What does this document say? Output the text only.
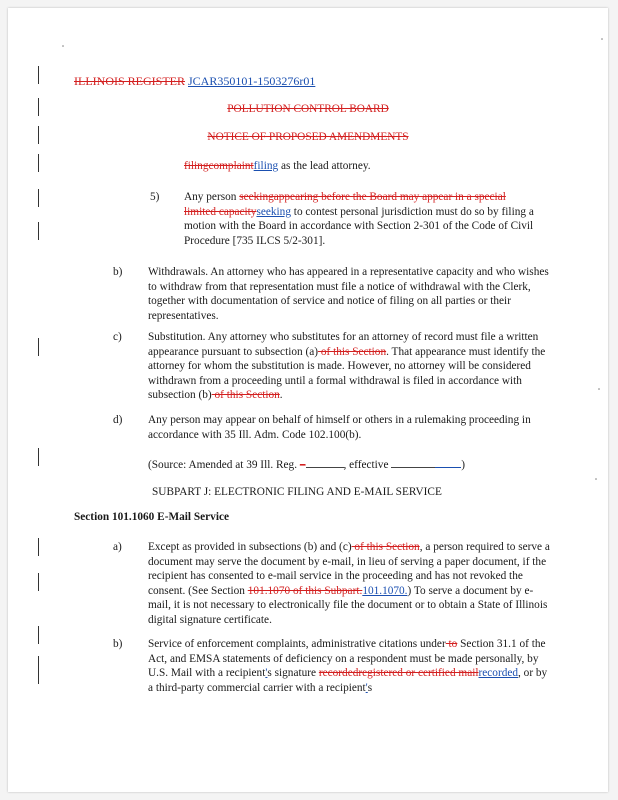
ILLINOIS REGISTER JCAR350101-1503276r01
POLLUTION CONTROL BOARD
NOTICE OF PROPOSED AMENDMENTS
filingcomplaintfiling as the lead attorney.
5) Any person seekingappearing before the Board may appear in a special limited capacityseeking to contest personal jurisdiction must do so by filing a motion with the Board in accordance with Section 2-301 of the Code of Civil Procedure [735 ILCS 5/2-301].
b) Withdrawals. An attorney who has appeared in a representative capacity and who wishes to withdraw from that representation must file a notice of withdrawal with the Clerk, together with documentation of service and notice of filing on all parties or their representatives.
c) Substitution. Any attorney who substitutes for an attorney of record must file a written appearance pursuant to subsection (a) of this Section. That appearance must identify the attorney for whom the substitution is made. However, no attorney will be considered withdrawn from a proceeding until a formal withdrawal is filed in accordance with subsection (b) of this Section.
d) Any person may appear on behalf of himself or others in a rulemaking proceeding in accordance with 35 Ill. Adm. Code 102.100(b).
(Source: Amended at 39 Ill. Reg. –	, effective	)
SUBPART J: ELECTRONIC FILING AND E-MAIL SERVICE
Section 101.1060 E-Mail Service
a) Except as provided in subsections (b) and (c) of this Section, a person required to serve a document may serve the document by e-mail, in lieu of serving a paper document, if the recipient has consented to e-mail service in the proceeding and has not revoked the consent. (See Section 101.1070 of this Subpart.101.1070.) To serve a document by e-mail, it is not necessary to electronically file the document or to obtain a State of Illinois digital signature certificate.
b) Service of enforcement complaints, administrative citations under to Section 31.1 of the Act, and EMSA statements of deficiency on a respondent must be made personally, by U.S. Mail with a recipient's signature recordedregistered or certified mailrecorded, or by a third-party commercial carrier with a recipient's
